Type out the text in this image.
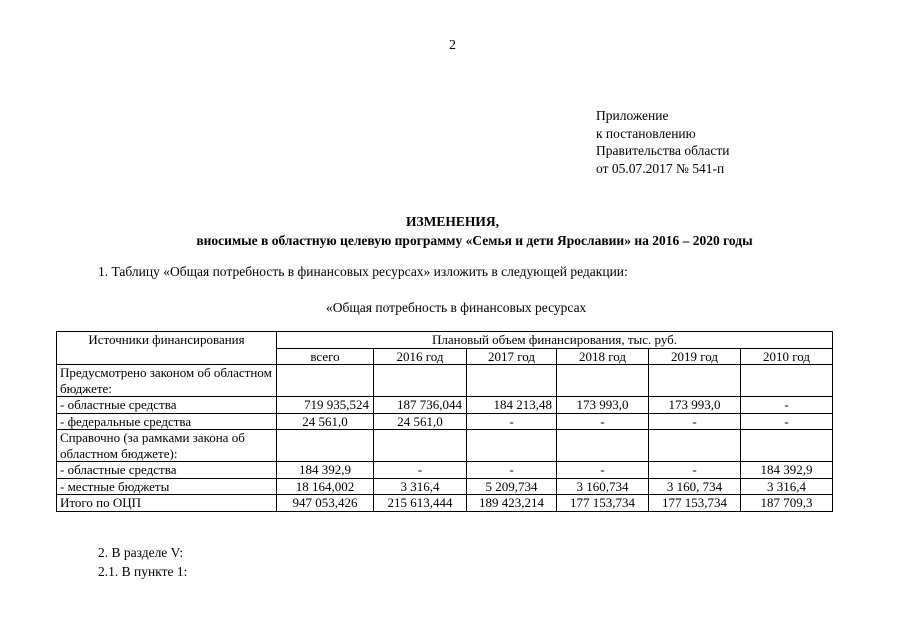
2
Приложение
к постановлению
Правительства области
от 05.07.2017 № 541-п
ИЗМЕНЕНИЯ,
вносимые в областную целевую программу «Семья и дети Ярославии» на 2016 – 2020 годы
1. Таблицу «Общая потребность в финансовых ресурсах» изложить в следующей редакции:
«Общая потребность в финансовых ресурсах
Источники финансирования	Плановый объем финансирования, тыс. руб.					
	всего	2016 год	2017 год	2018 год	2019 год	2010 год
Предусмотрено законом об областном бюджете:						
- областные средства	719 935,524	187 736,044	184 213,48	173 993,0	173 993,0	-
- федеральные средства	24 561,0	24 561,0	-	-	-	-
Справочно (за рамками закона об областном бюджете):						
- областные средства	184 392,9	-	-	-	-	184 392,9
- местные бюджеты	18 164,002	3 316,4	5 209,734	3 160,734	3 160, 734	3 316,4
Итого по ОЦП	947 053,426	215 613,444	189 423,214	177 153,734	177 153,734	187 709,3
2. В разделе V:
2.1. В пункте 1:
